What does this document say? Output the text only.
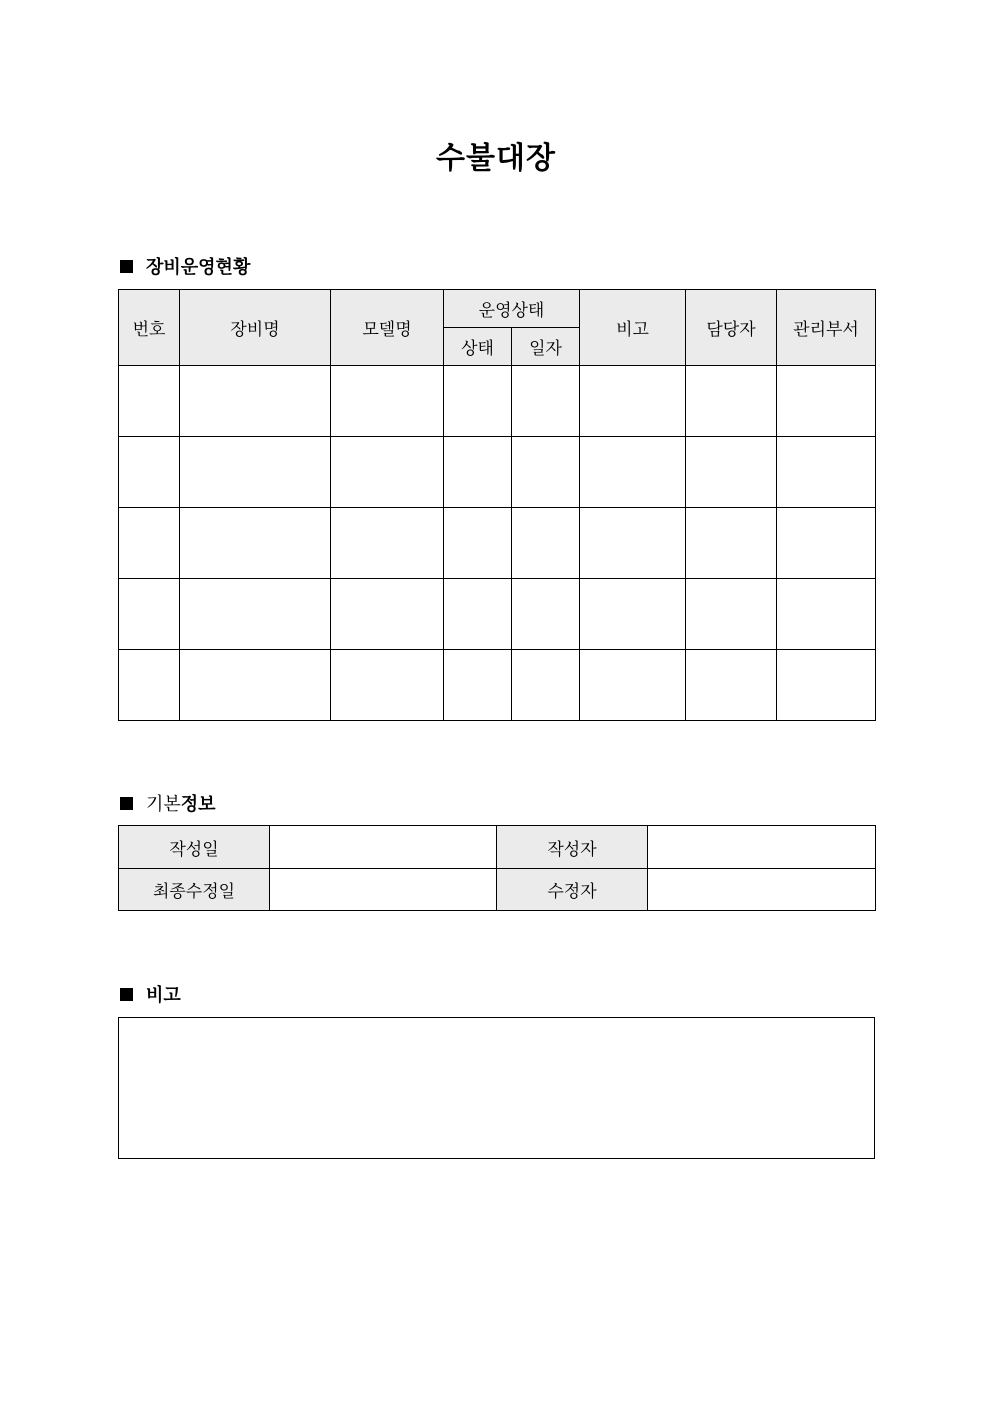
수불대장
장비운영현황
번호	장비명	모델명	운영상태		비고	담당자	관리부서
			상태	일자			

기본 정보
작성일		작성자	
최종수정일		수정자	
비고
